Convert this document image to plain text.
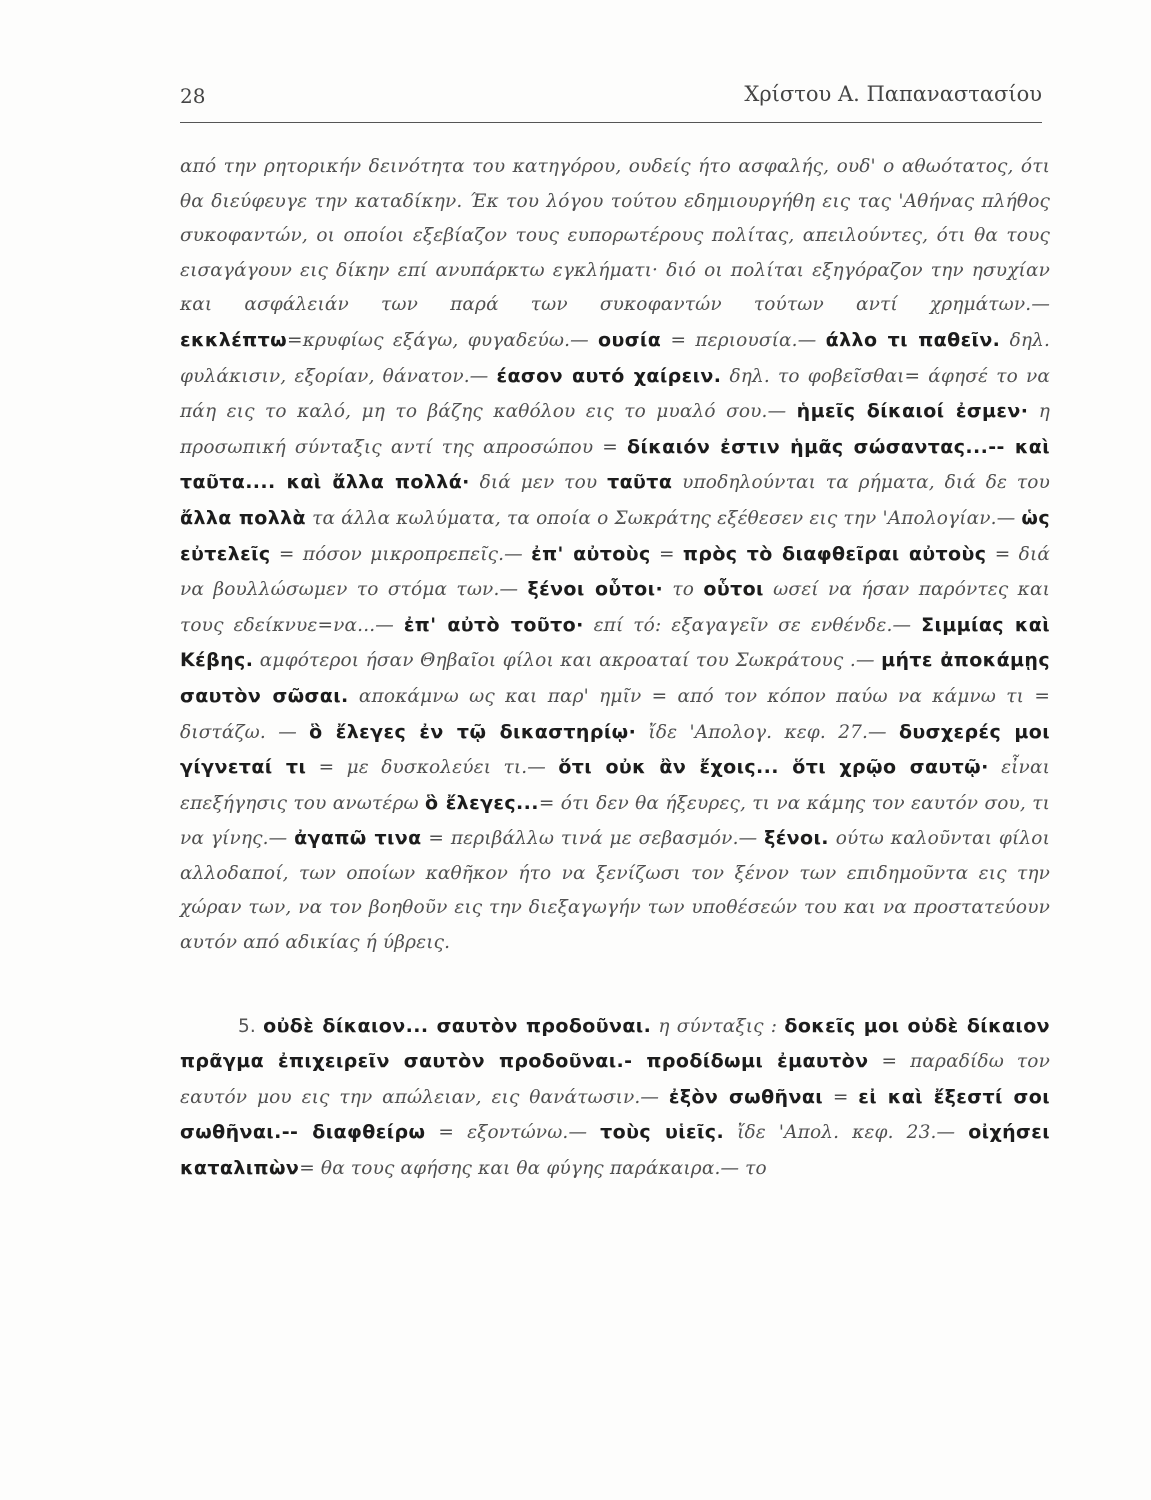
28	Χρίστου Α. Παπαναστασίου

από την ρητορικήν δεινότητα του κατηγόρου, ουδείς ήτο ασφαλής, ουδ' ο αθωότατος, ότι θα διεύφευγε την καταδίκην. Έκ του λόγου τούτου εδημιουργήθη εις τας 'Αθήνας πλήθος συκοφαντών, οι οποίοι εξεβίαζον τους ευπορωτέρους πολίτας, απειλούντες, ότι θα τους εισαγάγουν εις δίκην επί ανυπάρκτω εγκλήματι· διό οι πολίται εξηγόραζον την ησυχίαν και ασφάλειάν των παρά των συκοφαντών τούτων αντί χρημάτων.— εκκλέπτω=κρυφίως εξάγω, φυγαδεύω.— ουσία = περιουσία.— άλλο τι παθεῖν. δηλ. φυλάκισιν, εξορίαν, θάνατον.— έασον αυτό χαίρειν. δηλ. το φοβεῖσθαι= άφησέ το να πάη εις το καλό, μη το βάζης καθόλου εις το μυαλό σου.— ἡμεῖς δίκαιοί ἐσμεν· η προσωπική σύνταξις αντί της απροσώπου = δίκαιόν ἐστιν ἡμᾶς σώσαντας...-- καὶ ταῦτα.... καὶ ἄλλα πολλά· διά μεν του ταῦτα υποδηλούνται τα ρήματα, διά δε του ἄλλα πολλὰ τα άλλα κωλύματα, τα οποία ο Σωκράτης εξέθεσεν εις την 'Απολογίαν.— ὡς εὐτελεῖς = πόσον μικροπρεπεῖς.— ἐπ' αὐτοὺς = πρὸς τὸ διαφθεῖραι αὐτοὺς = διά να βουλλώσωμεν το στόμα των.— ξένοι οὗτοι· το οὗτοι ωσεί να ήσαν παρόντες και τους εδείκνυε=να...— ἐπ' αὐτὸ τοῦτο· επί τό: εξαγαγεῖν σε ενθένδε.— Σιμμίας καὶ Κέβης. αμφότεροι ήσαν Θηβαῖοι φίλοι και ακροαταί του Σωκράτους .— μήτε ἀποκάμῃς σαυτὸν σῶσαι. αποκάμνω ως και παρ' ημῖν = από τον κόπον παύω να κάμνω τι = διστάζω. — ὃ ἔλεγες ἐν τῷ δικαστηρίῳ· ἴδε 'Απολογ. κεφ. 27.— δυσχερές μοι γίγνεταί τι = με δυσκολεύει τι.— ὅτι οὐκ ἂν ἔχοις... ὅτι χρῷο σαυτῷ· εἶναι επεξήγησις του ανωτέρω ὃ ἔλεγες...= ότι δεν θα ήξευρες, τι να κάμης τον εαυτόν σου, τι να γίνης.— ἀγαπῶ τινα = περιβάλλω τινά με σεβασμόν.— ξένοι. ούτω καλοῦνται φίλοι αλλοδαποί, των οποίων καθῆκον ήτο να ξενίζωσι τον ξένον των επιδημοῦντα εις την χώραν των, να τον βοηθοῦν εις την διεξαγωγήν των υποθέσεών του και να προστατεύουν αυτόν από αδικίας ή ύβρεις.

5. οὐδὲ δίκαιον... σαυτὸν προδοῦναι. η σύνταξις : δοκεῖς μοι οὐδὲ δίκαιον πρᾶγμα ἐπιχειρεῖν σαυτὸν προδοῦναι.- προδίδωμι ἐμαυτὸν = παραδίδω τον εαυτόν μου εις την απώλειαν, εις θανάτωσιν.— ἐξὸν σωθῆναι = εἰ καὶ ἔξεστί σοι σωθῆναι.-- διαφθείρω = εξοντώνω.— τοὺς υἱεῖς. ἴδε 'Απολ. κεφ. 23.— οἰχήσει καταλιπὼν= θα τους αφήσης και θα φύγης παράκαιρα.— το
